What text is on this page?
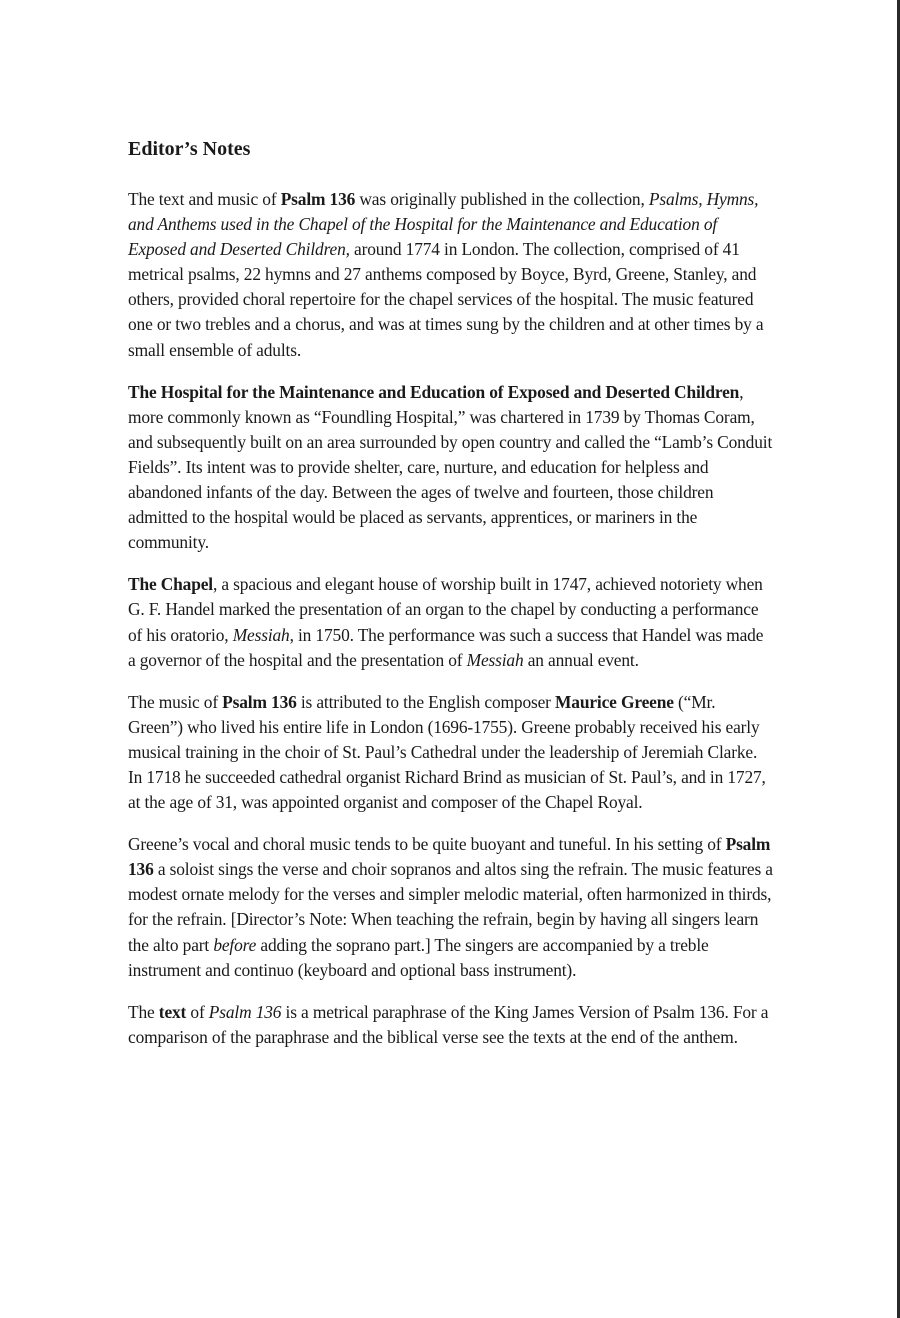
Editor’s Notes

The text and music of Psalm 136 was originally published in the collection, Psalms, Hymns, and Anthems used in the Chapel of the Hospital for the Maintenance and Education of Exposed and Deserted Children, around 1774 in London. The collection, comprised of 41 metrical psalms, 22 hymns and 27 anthems composed by Boyce, Byrd, Greene, Stanley, and others, provided choral repertoire for the chapel services of the hospital. The music featured one or two trebles and a chorus, and was at times sung by the children and at other times by a small ensemble of adults.

The Hospital for the Maintenance and Education of Exposed and Deserted Children, more commonly known as “Foundling Hospital,” was chartered in 1739 by Thomas Coram, and subsequently built on an area surrounded by open country and called the “Lamb’s Conduit Fields”. Its intent was to provide shelter, care, nurture, and education for helpless and abandoned infants of the day. Between the ages of twelve and fourteen, those children admitted to the hospital would be placed as servants, apprentices, or mariners in the community.

The Chapel, a spacious and elegant house of worship built in 1747, achieved notoriety when G. F. Handel marked the presentation of an organ to the chapel by conducting a performance of his oratorio, Messiah, in 1750. The performance was such a success that Handel was made a governor of the hospital and the presentation of Messiah an annual event.

The music of Psalm 136 is attributed to the English composer Maurice Greene (“Mr. Green”) who lived his entire life in London (1696-1755). Greene probably received his early musical training in the choir of St. Paul’s Cathedral under the leadership of Jeremiah Clarke. In 1718 he succeeded cathedral organist Richard Brind as musician of St. Paul’s, and in 1727, at the age of 31, was appointed organist and composer of the Chapel Royal.

Greene’s vocal and choral music tends to be quite buoyant and tuneful. In his setting of Psalm 136 a soloist sings the verse and choir sopranos and altos sing the refrain. The music features a modest ornate melody for the verses and simpler melodic material, often harmonized in thirds, for the refrain. [Director’s Note: When teaching the refrain, begin by having all singers learn the alto part before adding the soprano part.] The singers are accompanied by a treble instrument and continuo (keyboard and optional bass instrument).

The text of Psalm 136 is a metrical paraphrase of the King James Version of Psalm 136. For a comparison of the paraphrase and the biblical verse see the texts at the end of the anthem.
